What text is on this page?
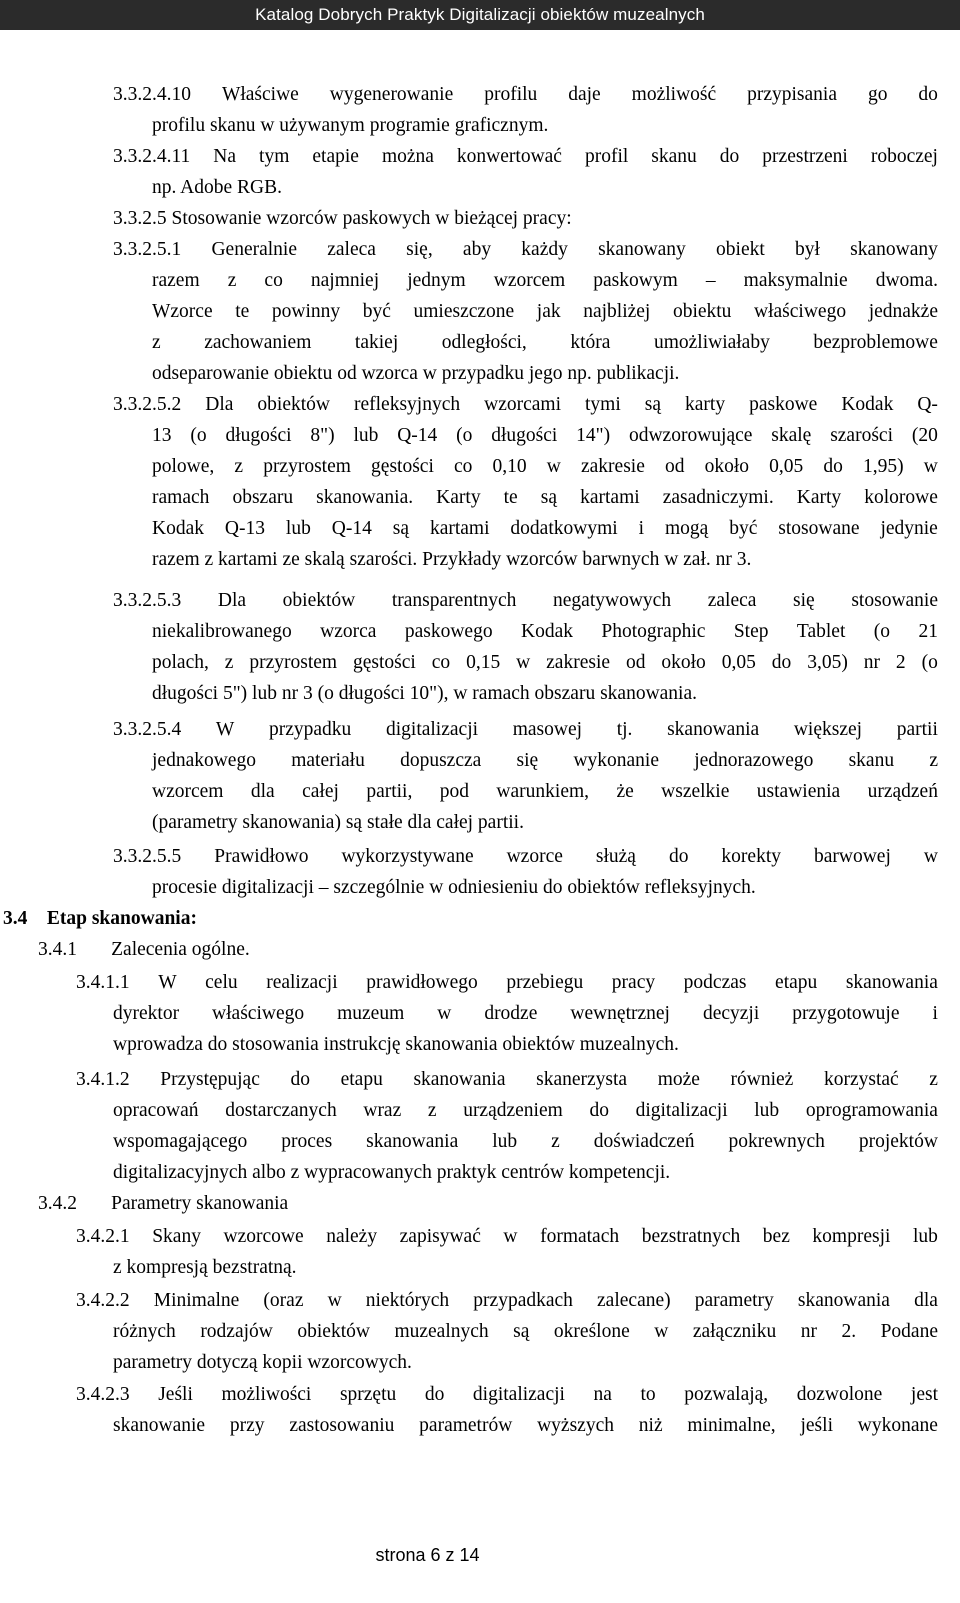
Katalog Dobrych Praktyk Digitalizacji obiektów muzealnych
3.3.2.4.10 Właściwe wygenerowanie profilu daje możliwość przypisania go do
profilu skanu w używanym programie graficznym.
3.3.2.4.11 Na tym etapie można konwertować profil skanu do przestrzeni roboczej
np. Adobe RGB.
3.3.2.5 Stosowanie wzorców paskowych w bieżącej pracy:
3.3.2.5.1 Generalnie zaleca się, aby każdy skanowany obiekt był skanowany
razem z co najmniej jednym wzorcem paskowym – maksymalnie dwoma.
Wzorce te powinny być umieszczone jak najbliżej obiektu właściwego jednakże
z zachowaniem takiej odległości, która umożliwiałaby bezproblemowe
odseparowanie obiektu od wzorca w przypadku jego np. publikacji.
3.3.2.5.2 Dla obiektów refleksyjnych wzorcami tymi są karty paskowe Kodak Q-
13 (o długości 8") lub Q-14 (o długości 14") odwzorowujące skalę szarości (20
polowe, z przyrostem gęstości co 0,10 w zakresie od około 0,05 do 1,95) w
ramach obszaru skanowania. Karty te są kartami zasadniczymi. Karty kolorowe
Kodak Q-13 lub Q-14 są kartami dodatkowymi i mogą być stosowane jedynie
razem z kartami ze skalą szarości. Przykłady wzorców barwnych w zał. nr 3.
3.3.2.5.3 Dla obiektów transparentnych negatywowych zaleca się stosowanie
niekalibrowanego wzorca paskowego Kodak Photographic Step Tablet (o 21
polach, z przyrostem gęstości co 0,15 w zakresie od około 0,05 do 3,05) nr 2 (o
długości 5") lub nr 3 (o długości 10"), w ramach obszaru skanowania.
3.3.2.5.4 W przypadku digitalizacji masowej tj. skanowania większej partii
jednakowego materiału dopuszcza się wykonanie jednorazowego skanu z
wzorcem dla całej partii, pod warunkiem, że wszelkie ustawienia urządzeń
(parametry skanowania) są stałe dla całej partii.
3.3.2.5.5 Prawidłowo wykorzystywane wzorce służą do korekty barwowej w
procesie digitalizacji – szczególnie w odniesieniu do obiektów refleksyjnych.
3.4    Etap skanowania:
3.4.1       Zalecenia ogólne.
3.4.1.1 W celu realizacji prawidłowego przebiegu pracy podczas etapu skanowania
dyrektor właściwego muzeum w drodze wewnętrznej decyzji przygotowuje i
wprowadza do stosowania instrukcję skanowania obiektów muzealnych.
3.4.1.2 Przystępując do etapu skanowania skanerzysta może również korzystać z
opracowań dostarczanych wraz z urządzeniem do digitalizacji lub oprogramowania
wspomagającego proces skanowania lub z doświadczeń pokrewnych projektów
digitalizacyjnych albo z wypracowanych praktyk centrów kompetencji.
3.4.2       Parametry skanowania
3.4.2.1 Skany wzorcowe należy zapisywać w formatach bezstratnych bez kompresji lub
z kompresją bezstratną.
3.4.2.2 Minimalne (oraz w niektórych przypadkach zalecane) parametry skanowania dla
różnych rodzajów obiektów muzealnych są określone w załączniku nr 2. Podane
parametry dotyczą kopii wzorcowych.
3.4.2.3 Jeśli możliwości sprzętu do digitalizacji na to pozwalają, dozwolone jest
skanowanie przy zastosowaniu parametrów wyższych niż minimalne, jeśli wykonane
strona 6 z 14
